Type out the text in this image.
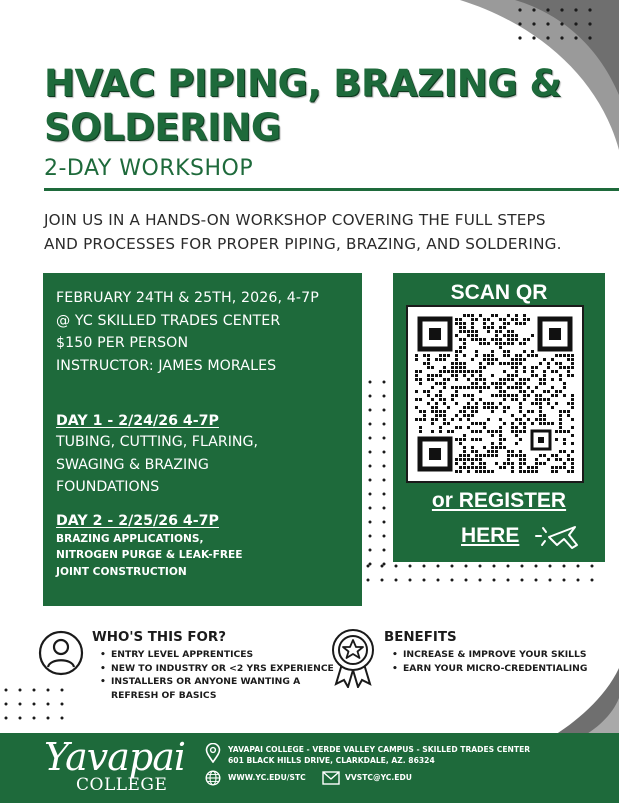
HVAC PIPING, BRAZING & SOLDERING
2-DAY WORKSHOP
JOIN US IN A HANDS-ON WORKSHOP COVERING THE FULL STEPS
AND PROCESSES FOR PROPER PIPING, BRAZING, AND SOLDERING.
FEBRUARY 24TH & 25TH, 2026, 4-7P
@ YC SKILLED TRADES CENTER
$150 PER PERSON
INSTRUCTOR: JAMES MORALES
DAY 1 - 2/24/26 4-7P
TUBING, CUTTING, FLARING,
SWAGING & BRAZING
FOUNDATIONS
DAY 2 - 2/25/26 4-7P
BRAZING APPLICATIONS,
NITROGEN PURGE & LEAK-FREE
JOINT CONSTRUCTION
SCAN QR
or REGISTER
HERE
WHO'S THIS FOR?
• ENTRY LEVEL APPRENTICES
• NEW TO INDUSTRY OR <2 YRS EXPERIENCE
• INSTALLERS OR ANYONE WANTING A REFRESH OF BASICS
BENEFITS
• INCREASE & IMPROVE YOUR SKILLS
• EARN YOUR MICRO-CREDENTIALING
Yavapai
COLLEGE
YAVAPAI COLLEGE - VERDE VALLEY CAMPUS - SKILLED TRADES CENTER
601 BLACK HILLS DRIVE, CLARKDALE, AZ. 86324
WWW.YC.EDU/STC	VVSTC@YC.EDU
